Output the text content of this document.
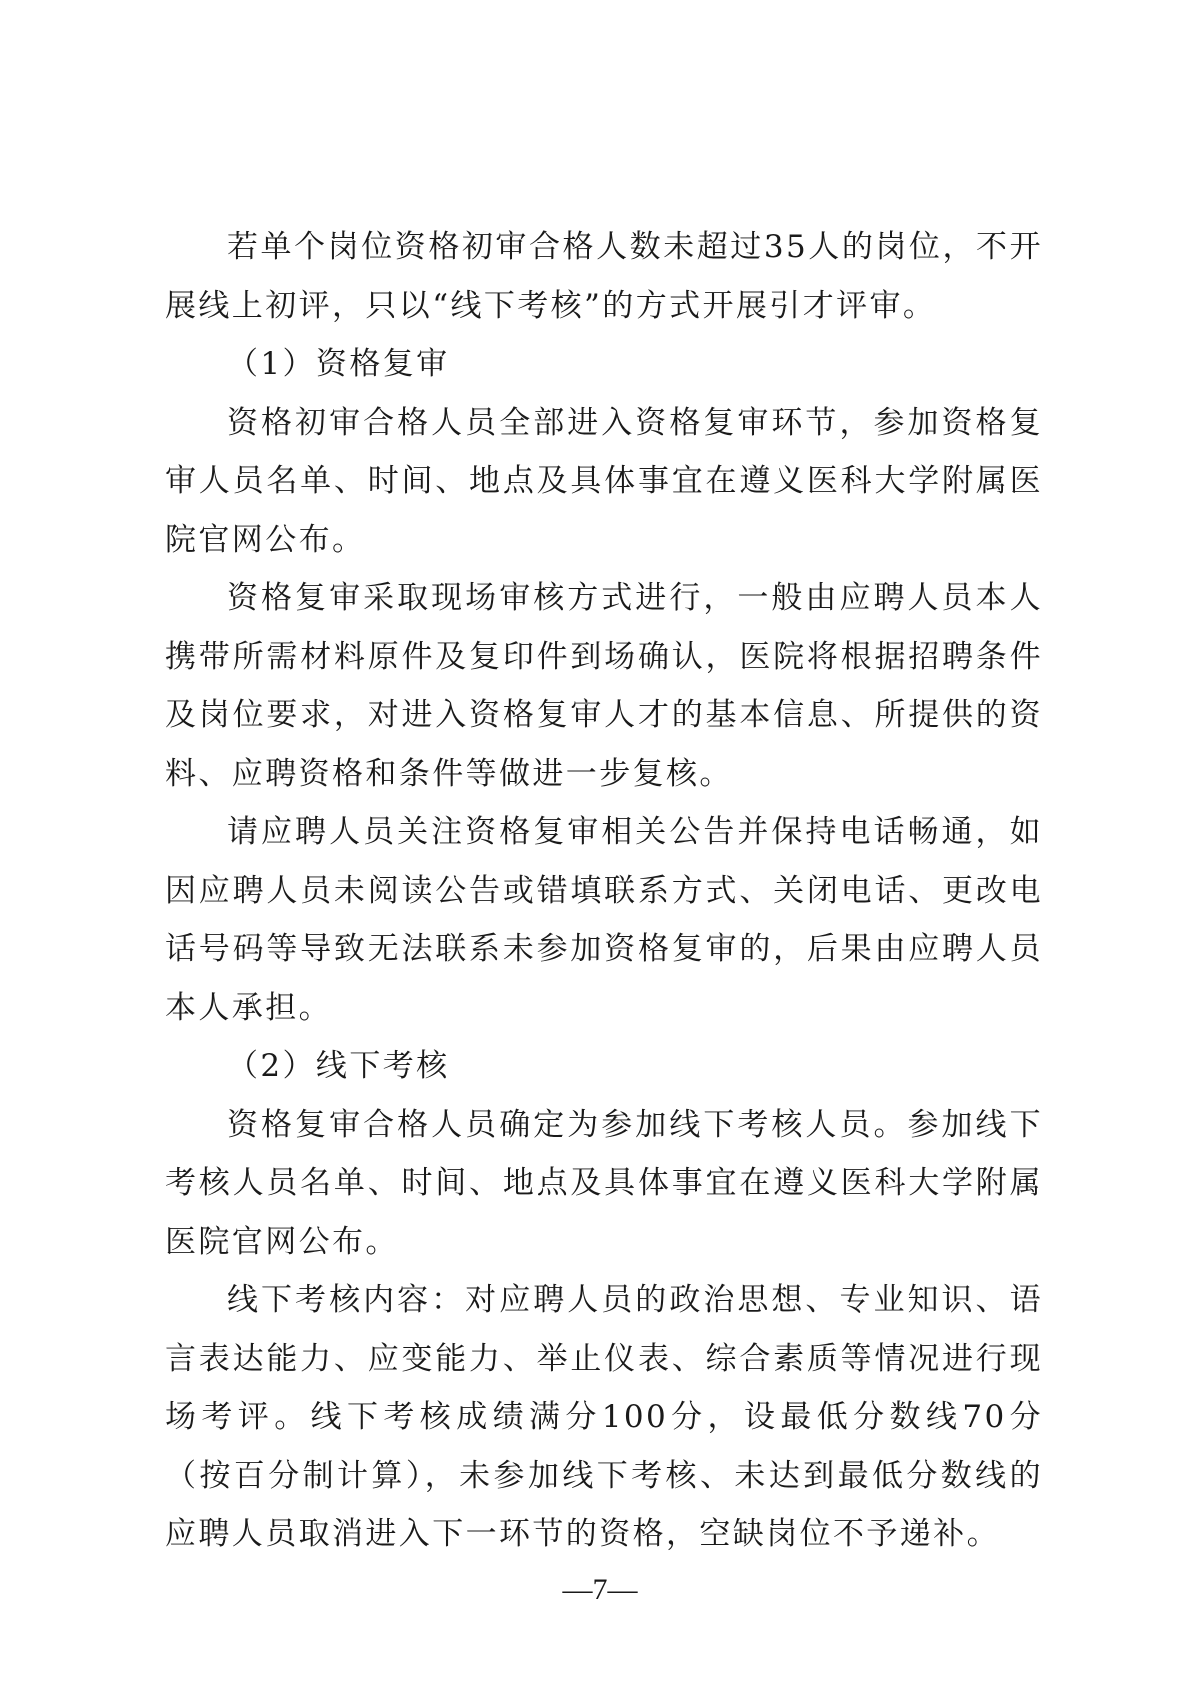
若单个岗位资格初审合格人数未超过35人的岗位，不开展线上初评，只以“线下考核”的方式开展引才评审。

（1）资格复审

资格初审合格人员全部进入资格复审环节，参加资格复审人员名单、时间、地点及具体事宜在遵义医科大学附属医院官网公布。

资格复审采取现场审核方式进行，一般由应聘人员本人携带所需材料原件及复印件到场确认，医院将根据招聘条件及岗位要求，对进入资格复审人才的基本信息、所提供的资料、应聘资格和条件等做进一步复核。

请应聘人员关注资格复审相关公告并保持电话畅通，如因应聘人员未阅读公告或错填联系方式、关闭电话、更改电话号码等导致无法联系未参加资格复审的，后果由应聘人员本人承担。

（2）线下考核

资格复审合格人员确定为参加线下考核人员。参加线下考核人员名单、时间、地点及具体事宜在遵义医科大学附属医院官网公布。

线下考核内容：对应聘人员的政治思想、专业知识、语言表达能力、应变能力、举止仪表、综合素质等情况进行现场考评。线下考核成绩满分100分，设最低分数线70分（按百分制计算），未参加线下考核、未达到最低分数线的应聘人员取消进入下一环节的资格，空缺岗位不予递补。

—7—
